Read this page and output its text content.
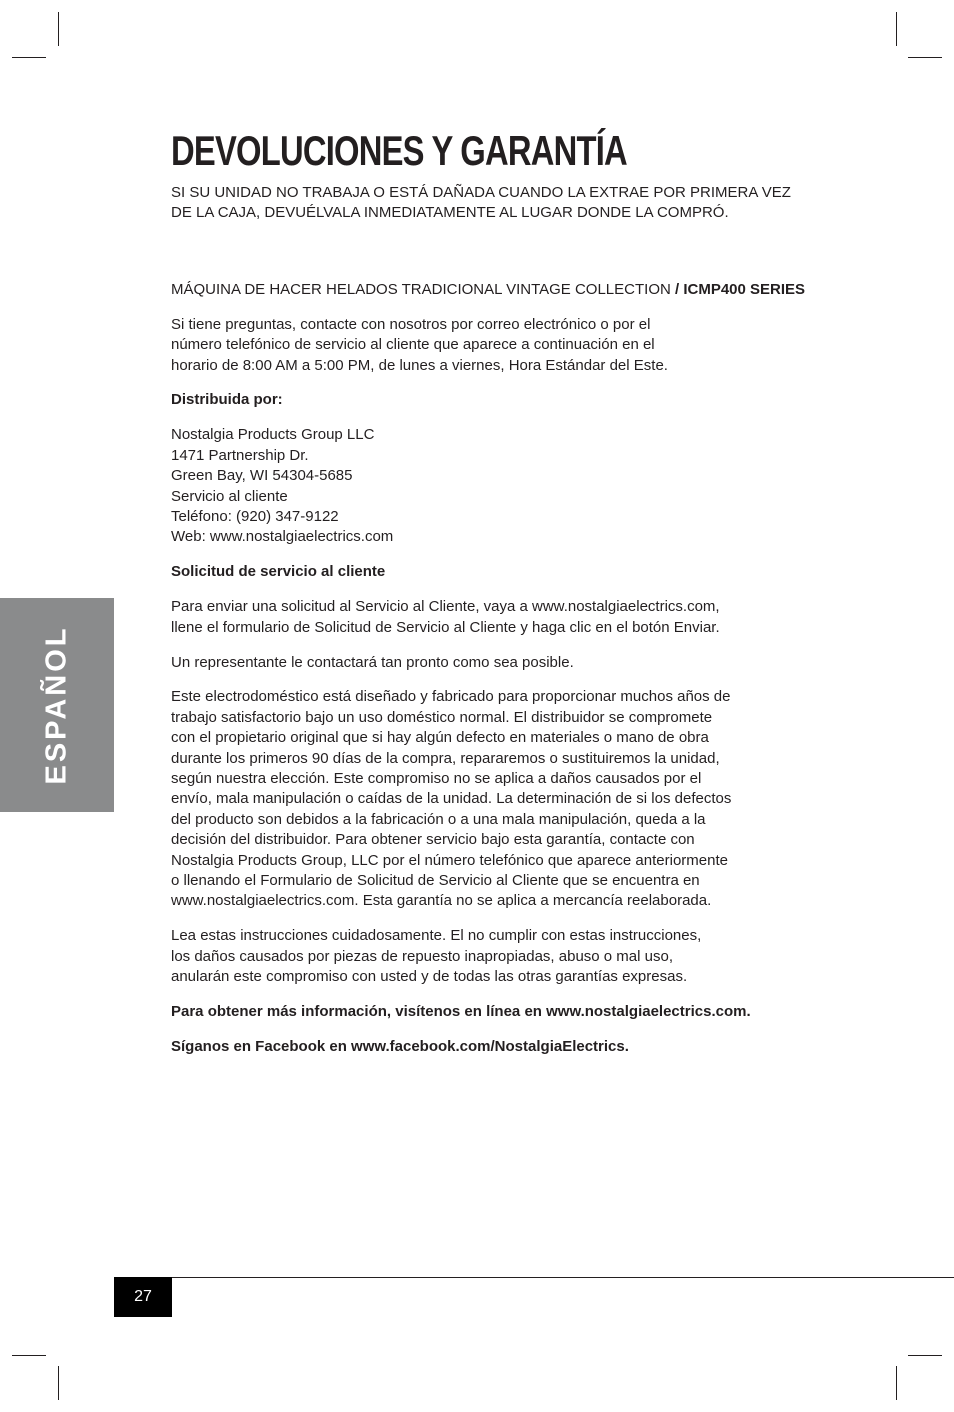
DEVOLUCIONES Y GARANTÍA

SI SU UNIDAD NO TRABAJA O ESTÁ DAÑADA CUANDO LA EXTRAE POR PRIMERA VEZ
DE LA CAJA, DEVUÉLVALA INMEDIATAMENTE AL LUGAR DONDE LA COMPRÓ.

MÁQUINA DE HACER HELADOS TRADICIONAL VINTAGE COLLECTION / ICMP400 SERIES

Si tiene preguntas, contacte con nosotros por correo electrónico o por el
número telefónico de servicio al cliente que aparece a continuación en el
horario de 8:00 AM a 5:00 PM, de lunes a viernes, Hora Estándar del Este.

Distribuida por:

Nostalgia Products Group LLC
1471 Partnership Dr.
Green Bay, WI 54304-5685
Servicio al cliente
Teléfono: (920) 347-9122
Web: www.nostalgiaelectrics.com

Solicitud de servicio al cliente

Para enviar una solicitud al Servicio al Cliente, vaya a www.nostalgiaelectrics.com,
llene el formulario de Solicitud de Servicio al Cliente y haga clic en el botón Enviar.

Un representante le contactará tan pronto como sea posible.

Este electrodoméstico está diseñado y fabricado para proporcionar muchos años de
trabajo satisfactorio bajo un uso doméstico normal. El distribuidor se compromete
con el propietario original que si hay algún defecto en materiales o mano de obra
durante los primeros 90 días de la compra, repararemos o sustituiremos la unidad,
según nuestra elección. Este compromiso no se aplica a daños causados por el
envío, mala manipulación o caídas de la unidad. La determinación de si los defectos
del producto son debidos a la fabricación o a una mala manipulación, queda a la
decisión del distribuidor. Para obtener servicio bajo esta garantía, contacte con
Nostalgia Products Group, LLC por el número telefónico que aparece anteriormente
o llenando el Formulario de Solicitud de Servicio al Cliente que se encuentra en
www.nostalgiaelectrics.com. Esta garantía no se aplica a mercancía reelaborada.

Lea estas instrucciones cuidadosamente. El no cumplir con estas instrucciones,
los daños causados por piezas de repuesto inapropiadas, abuso o mal uso,
anularán este compromiso con usted y de todas las otras garantías expresas.

Para obtener más información, visítenos en línea en www.nostalgiaelectrics.com.

Síganos en Facebook en www.facebook.com/NostalgiaElectrics.

ESPAÑOL
27
